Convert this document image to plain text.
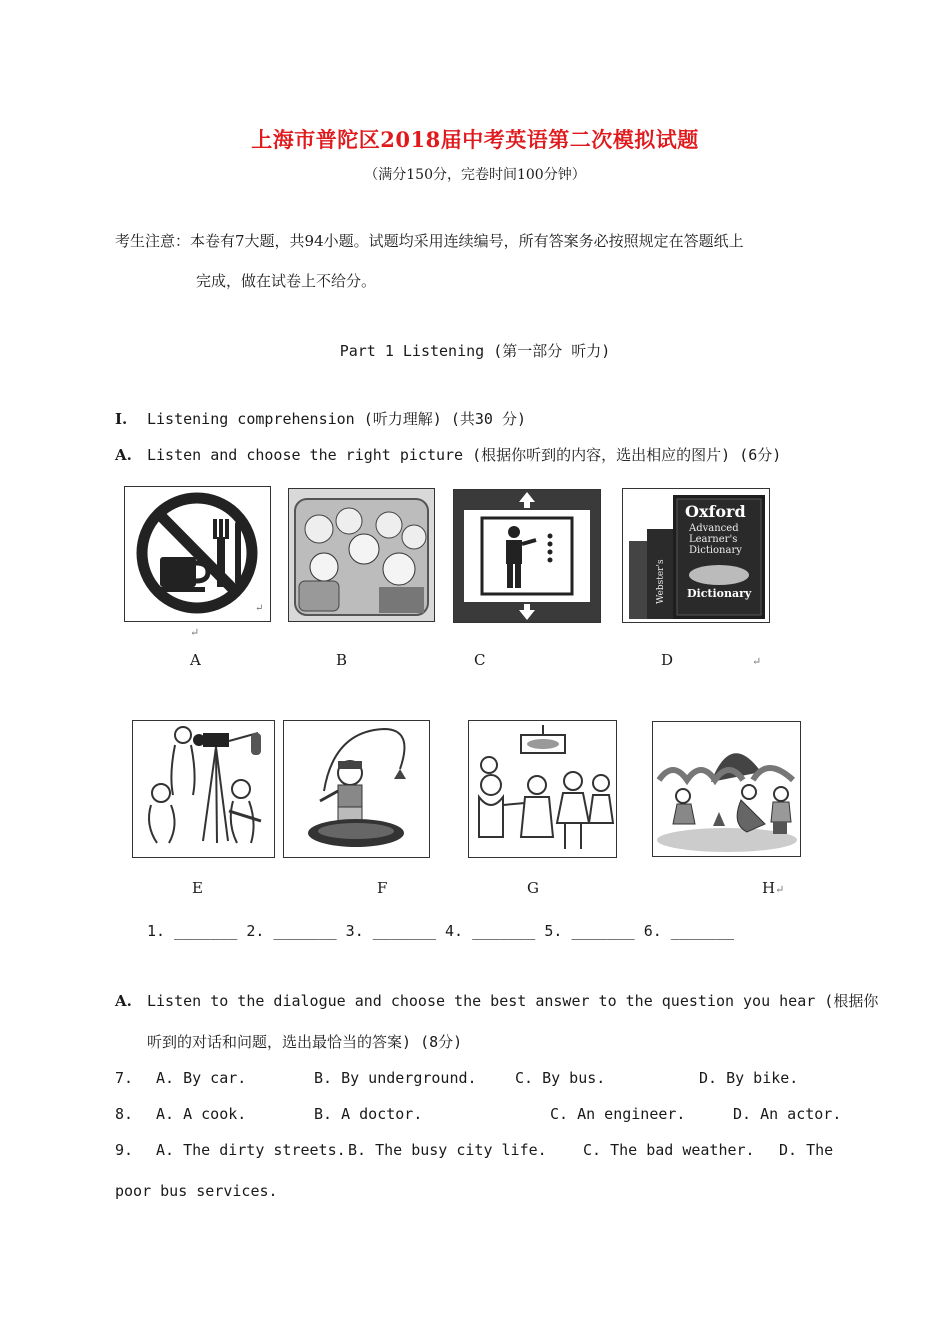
上海市普陀区2018届中考英语第二次模拟试题
（满分150分，完卷时间100分钟）
考生注意：本卷有7大题，共94小题。试题均采用连续编号，所有答案务必按照规定在答题纸上
完成，做在试卷上不给分。
Part 1 Listening (第一部分 听力)
I. Listening comprehension (听力理解) (共30 分)
A. Listen and choose the right picture (根据你听到的内容，选出相应的图片) (6分)
↵
Webster's
Oxford
Advanced
Learner's
Dictionary
Dictionary
↵
A	B	C	D	↵
E	F	G	H↵
1. _______ 2. _______ 3. _______ 4. _______ 5. _______ 6. _______
A. Listen to the dialogue and choose the best answer to the question you hear (根据你
听到的对话和问题，选出最恰当的答案) (8分)
7. A. By car.	B. By underground.	C. By bus.	D. By bike.
8. A. A cook.	B. A doctor.	C. An engineer.	D. An actor.
9. A. The dirty streets. B. The busy city life. C. The bad weather. D. The
poor bus services.
